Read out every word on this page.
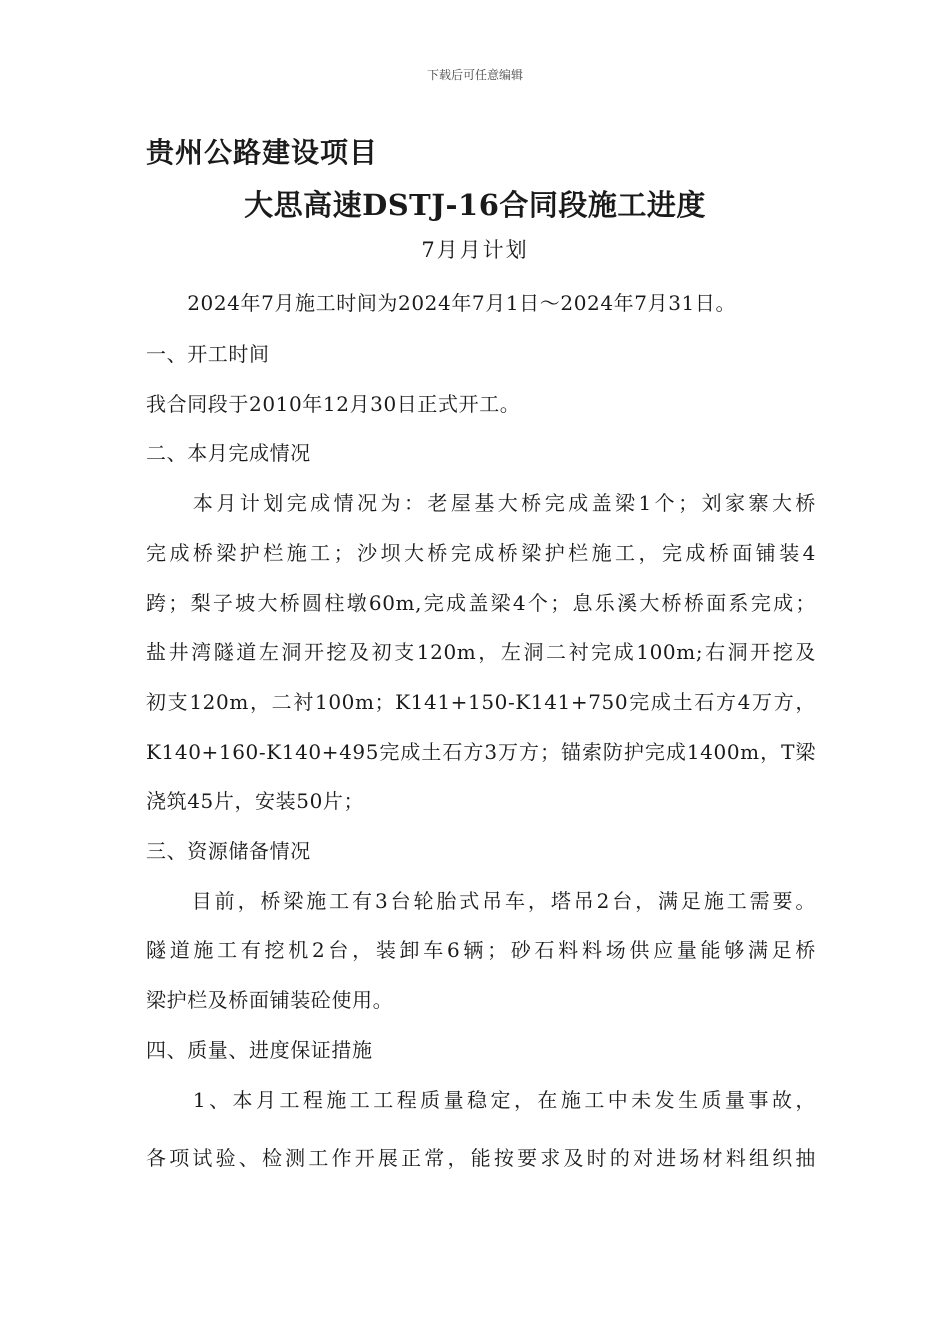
下载后可任意编辑
贵州公路建设项目
大思高速DSTJ-16合同段施工进度
7月月计划
　　2024年7月施工时间为2024年7月1日～2024年7月31日。
一、开工时间
我合同段于2010年12月30日正式开工。
二、本月完成情况
　　本月计划完成情况为：老屋基大桥完成盖梁1个；刘家寨大桥
完成桥梁护栏施工；沙坝大桥完成桥梁护栏施工，完成桥面铺装4
跨；梨子坡大桥圆柱墩60m,完成盖梁4个；息乐溪大桥桥面系完成；
盐井湾隧道左洞开挖及初支120m，左洞二衬完成100m;右洞开挖及
初支120m，二衬100m；K141+150-K141+750完成土石方4万方，
K140+160-K140+495完成土石方3万方；锚索防护完成1400m，T梁
浇筑45片，安装50片；
三、资源储备情况
　　目前，桥梁施工有3台轮胎式吊车，塔吊2台，满足施工需要。
隧道施工有挖机2台，装卸车6辆；砂石料料场供应量能够满足桥
梁护栏及桥面铺装砼使用。
四、质量、进度保证措施
　　1、本月工程施工工程质量稳定，在施工中未发生质量事故，
各项试验、检测工作开展正常，能按要求及时的对进场材料组织抽
